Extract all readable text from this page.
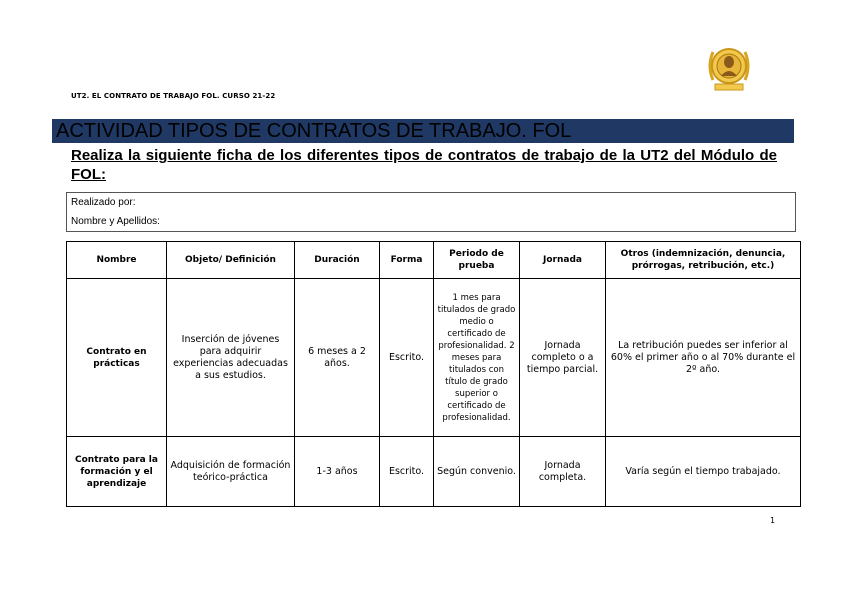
UT2. EL CONTRATO DE TRABAJO FOL. CURSO 21-22
ACTIVIDAD TIPOS DE CONTRATOS DE TRABAJO. FOL
Realiza la siguiente ficha de los diferentes tipos de contratos de trabajo de la UT2 del Módulo de FOL:
Realizado por:
Nombre y Apellidos:
Nombre	Objeto/ Definición	Duración	Forma	Periodo de prueba	Jornada	Otros (indemnización, denuncia, prórrogas, retribución, etc.)
Contrato en prácticas	Inserción de jóvenes para adquirir experiencias adecuadas a sus estudios.	6 meses a 2 años.	Escrito.	1 mes para titulados de grado medio o certificado de profesionalidad. 2 meses para titulados con título de grado superior o certificado de profesionalidad.	Jornada completo o a tiempo parcial.	La retribución puedes ser inferior al 60% el primer año o al 70% durante el 2º año.
Contrato para la formación y el aprendizaje	Adquisición de formación teórico-práctica	1-3 años	Escrito.	Según convenio.	Jornada completa.	Varía según el tiempo trabajado.
1
